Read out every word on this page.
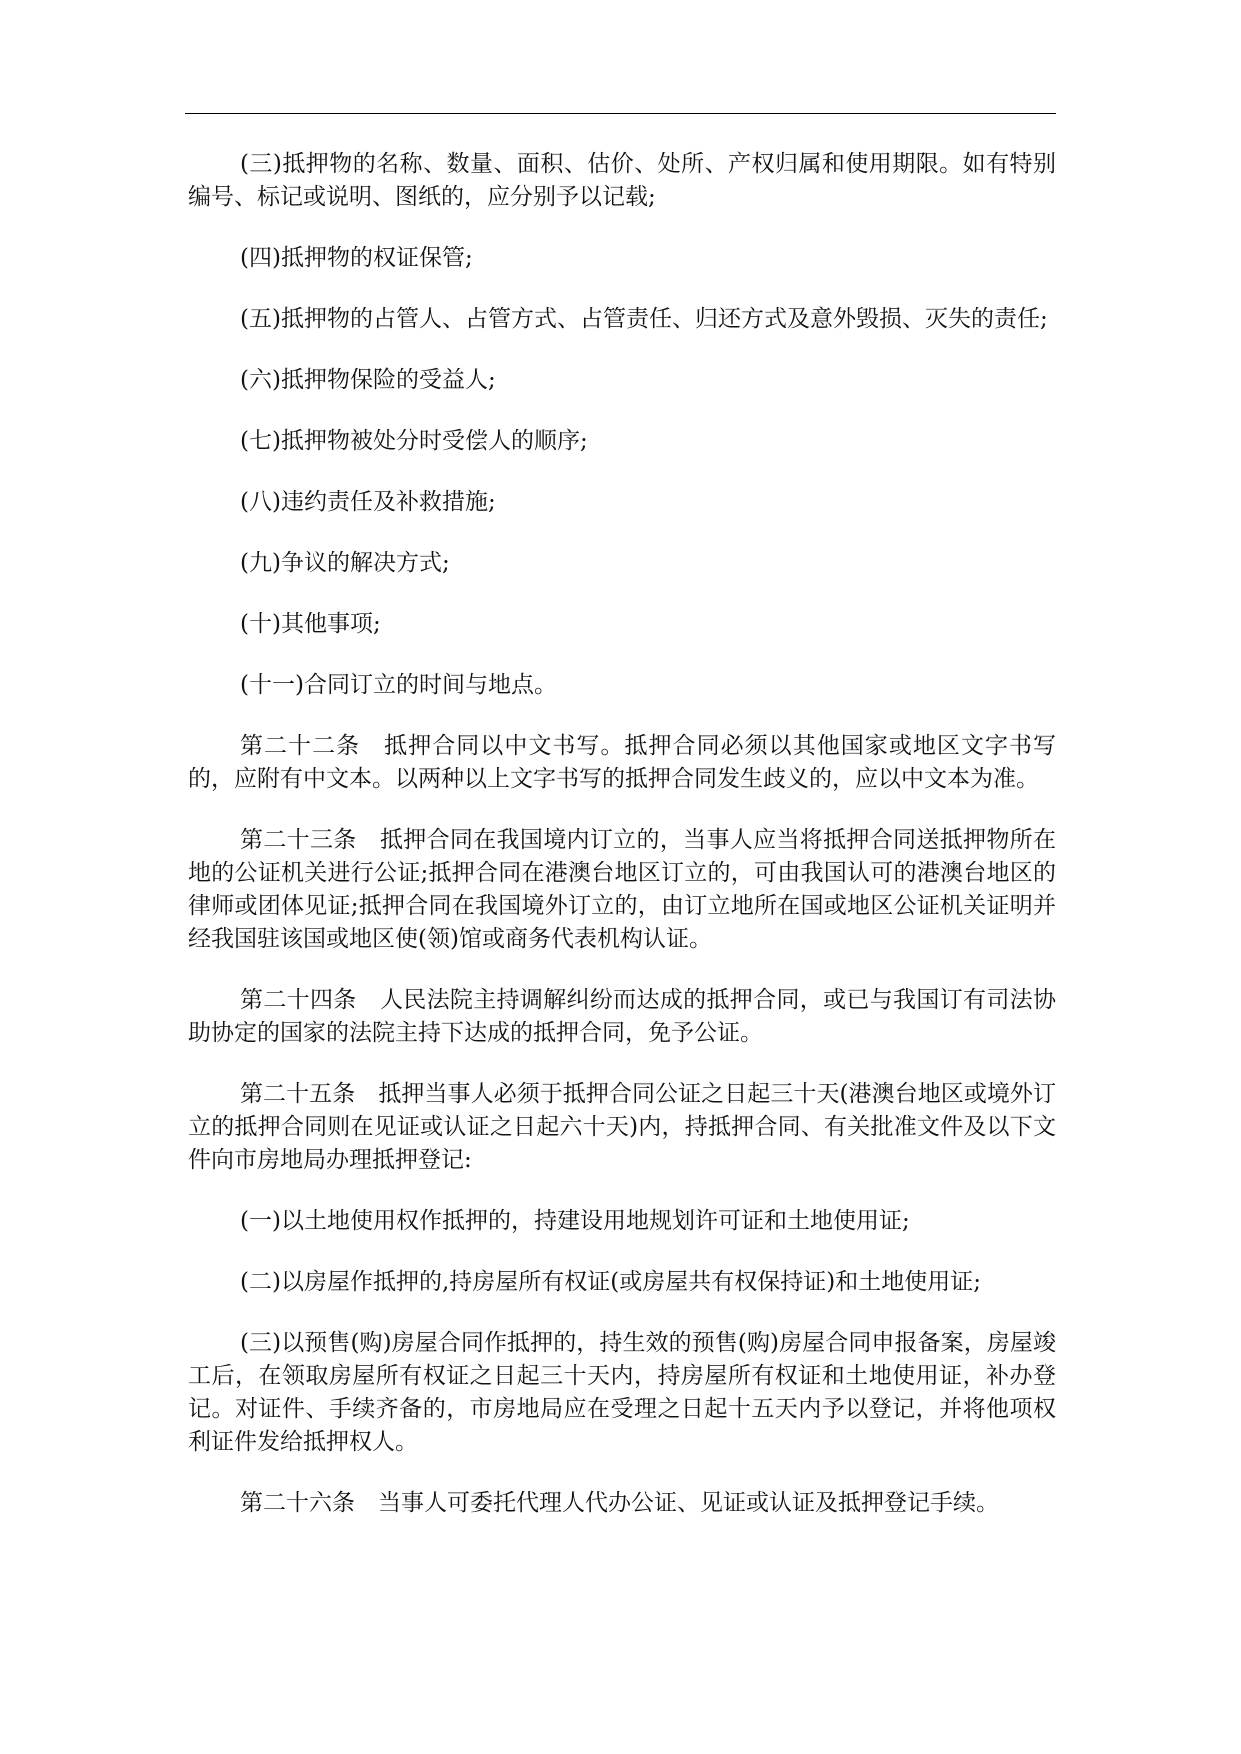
(三)抵押物的名称、数量、面积、估价、处所、产权归属和使用期限。如有特别编号、标记或说明、图纸的，应分别予以记载;

(四)抵押物的权证保管;

(五)抵押物的占管人、占管方式、占管责任、归还方式及意外毁损、灭失的责任;

(六)抵押物保险的受益人;

(七)抵押物被处分时受偿人的顺序;

(八)违约责任及补救措施;

(九)争议的解决方式;

(十)其他事项;

(十一)合同订立的时间与地点。

第二十二条　抵押合同以中文书写。抵押合同必须以其他国家或地区文字书写的，应附有中文本。以两种以上文字书写的抵押合同发生歧义的，应以中文本为准。

第二十三条　抵押合同在我国境内订立的，当事人应当将抵押合同送抵押物所在地的公证机关进行公证;抵押合同在港澳台地区订立的，可由我国认可的港澳台地区的律师或团体见证;抵押合同在我国境外订立的，由订立地所在国或地区公证机关证明并经我国驻该国或地区使(领)馆或商务代表机构认证。

第二十四条　人民法院主持调解纠纷而达成的抵押合同，或已与我国订有司法协助协定的国家的法院主持下达成的抵押合同，免予公证。

第二十五条　抵押当事人必须于抵押合同公证之日起三十天(港澳台地区或境外订立的抵押合同则在见证或认证之日起六十天)内，持抵押合同、有关批准文件及以下文件向市房地局办理抵押登记:

(一)以土地使用权作抵押的，持建设用地规划许可证和土地使用证;

(二)以房屋作抵押的,持房屋所有权证(或房屋共有权保持证)和土地使用证;

(三)以预售(购)房屋合同作抵押的，持生效的预售(购)房屋合同申报备案，房屋竣工后，在领取房屋所有权证之日起三十天内，持房屋所有权证和土地使用证，补办登记。对证件、手续齐备的，市房地局应在受理之日起十五天内予以登记，并将他项权利证件发给抵押权人。

第二十六条　当事人可委托代理人代办公证、见证或认证及抵押登记手续。
